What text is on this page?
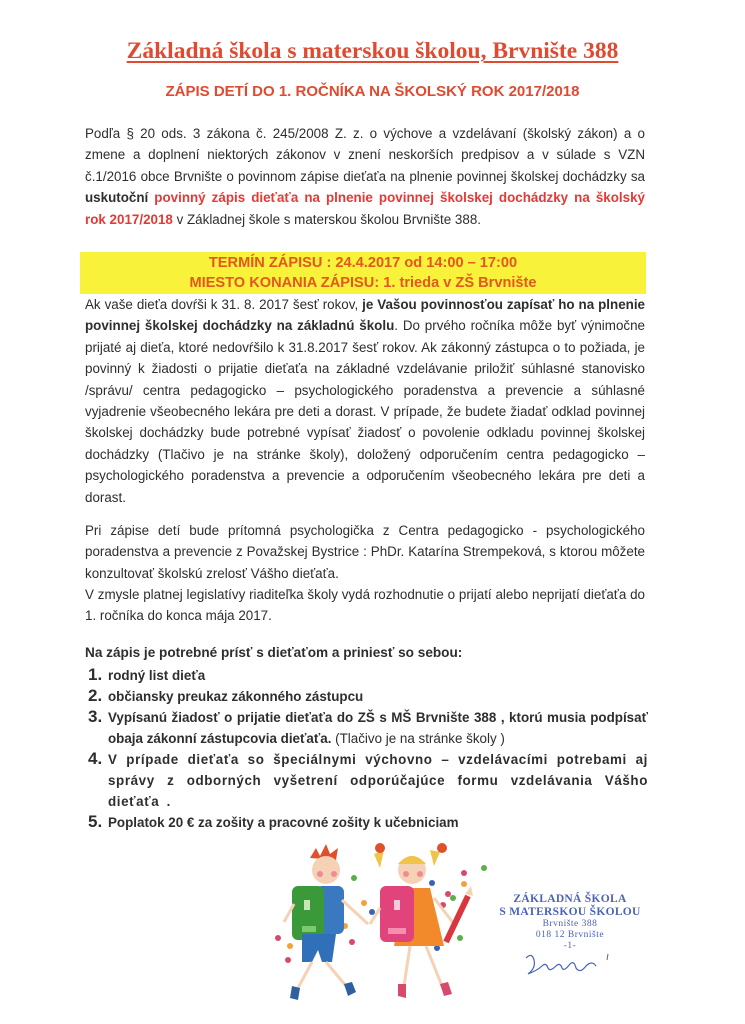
Základná škola s materskou školou, Brvnište 388
ZÁPIS DETÍ DO 1. ROČNÍKA NA ŠKOLSKÝ ROK 2017/2018
Podľa § 20 ods. 3 zákona č. 245/2008 Z. z. o výchove a vzdelávaní (školský zákon) a o zmene a doplnení niektorých zákonov v znení neskorších predpisov a v súlade s VZN č.1/2016 obce Brvnište o povinnom zápise dieťaťa na plnenie povinnej školskej dochádzky sa uskutoční povinný zápis dieťaťa na plnenie povinnej školskej dochádzky na školský rok 2017/2018 v Základnej škole s materskou školou Brvnište 388.
TERMÍN ZÁPISU : 24.4.2017 od 14:00 – 17:00
MIESTO KONANIA ZÁPISU: 1. trieda v ZŠ Brvnište
Ak vaše dieťa dovŕši k 31. 8. 2017 šesť rokov, je Vašou povinnosťou zapísať ho na plnenie povinnej školskej dochádzky na základnú školu. Do prvého ročníka môže byť výnimočne prijaté aj dieťa, ktoré nedovŕšilo k 31.8.2017 šesť rokov. Ak zákonný zástupca o to požiada, je povinný k žiadosti o prijatie dieťaťa na základné vzdelávanie priložiť súhlasné stanovisko /správu/ centra pedagogicko – psychologického poradenstva a prevencie a súhlasné vyjadrenie všeobecného lekára pre deti a dorast. V prípade, že budete žiadať odklad povinnej školskej dochádzky bude potrebné vypísať žiadosť o povolenie odkladu povinnej školskej dochádzky (Tlačivo je na stránke školy), doložený odporučením centra pedagogicko – psychologického poradenstva a prevencie a odporučením všeobecného lekára pre deti a dorast.
Pri zápise detí bude prítomná psychologička z Centra pedagogicko - psychologického poradenstva a prevencie z Považskej Bystrice : PhDr. Katarína Strempeková, s ktorou môžete konzultovať školskú zrelosť Vášho dieťaťa.
V zmysle platnej legislatívy riaditeľka školy vydá rozhodnutie o prijatí alebo neprijatí dieťaťa do 1. ročníka do konca mája 2017.
Na zápis je potrebné prísť s dieťaťom a priniesť so sebou:
1. rodný list dieťa
2. občiansky preukaz zákonného zástupcu
3. Vypísanú žiadosť o prijatie dieťaťa do ZŠ s MŠ Brvnište 388 , ktorú musia podpísať obaja zákonní zástupcovia dieťaťa. (Tlačivo je na stránke školy )
4. V prípade dieťaťa so špeciálnymi výchovno – vzdelávacími potrebami aj správy z odborných vyšetrení odporúčajúce formu vzdelávania Vášho dieťaťa .
5. Poplatok 20 € za zošity a pracovné zošity k učebniciam
ZÁKLADNÁ ŠKOLA
S MATERSKOU ŠKOLOU
Brvnište 388
018 12 Brvnište
-1-
